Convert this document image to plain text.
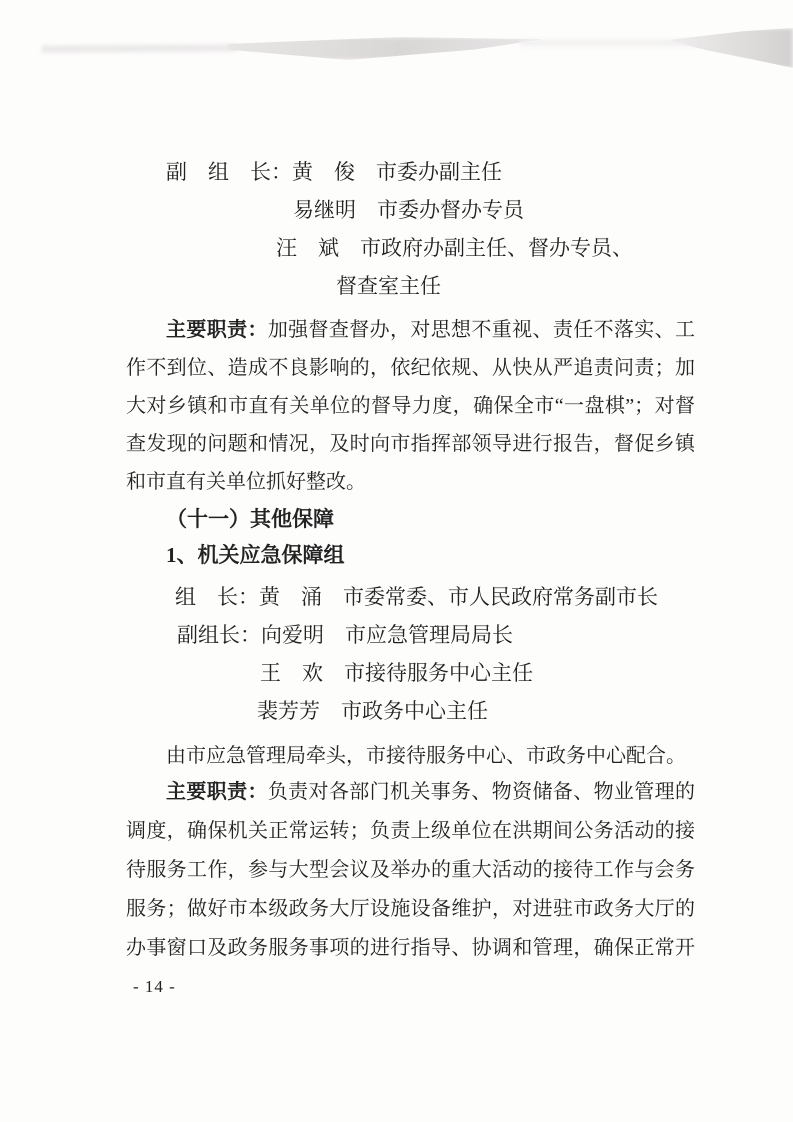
副　组　长：黄　俊　市委办副主任
易继明　市委办督办专员
汪　斌　市政府办副主任、督办专员、
督查室主任
主要职责：加强督查督办，对思想不重视、责任不落实、工
作不到位、造成不良影响的，依纪依规、从快从严追责问责；加
大对乡镇和市直有关单位的督导力度，确保全市“一盘棋”；对督
查发现的问题和情况，及时向市指挥部领导进行报告，督促乡镇
和市直有关单位抓好整改。
（十一）其他保障
1、机关应急保障组
组　长：黄　涌　市委常委、市人民政府常务副市长
副组长：向爱明　市应急管理局局长
王　欢　市接待服务中心主任
裴芳芳　市政务中心主任
由市应急管理局牵头，市接待服务中心、市政务中心配合。
主要职责：负责对各部门机关事务、物资储备、物业管理的
调度，确保机关正常运转；负责上级单位在洪期间公务活动的接
待服务工作，参与大型会议及举办的重大活动的接待工作与会务
服务；做好市本级政务大厅设施设备维护，对进驻市政务大厅的
办事窗口及政务服务事项的进行指导、协调和管理，确保正常开
- 14 -
